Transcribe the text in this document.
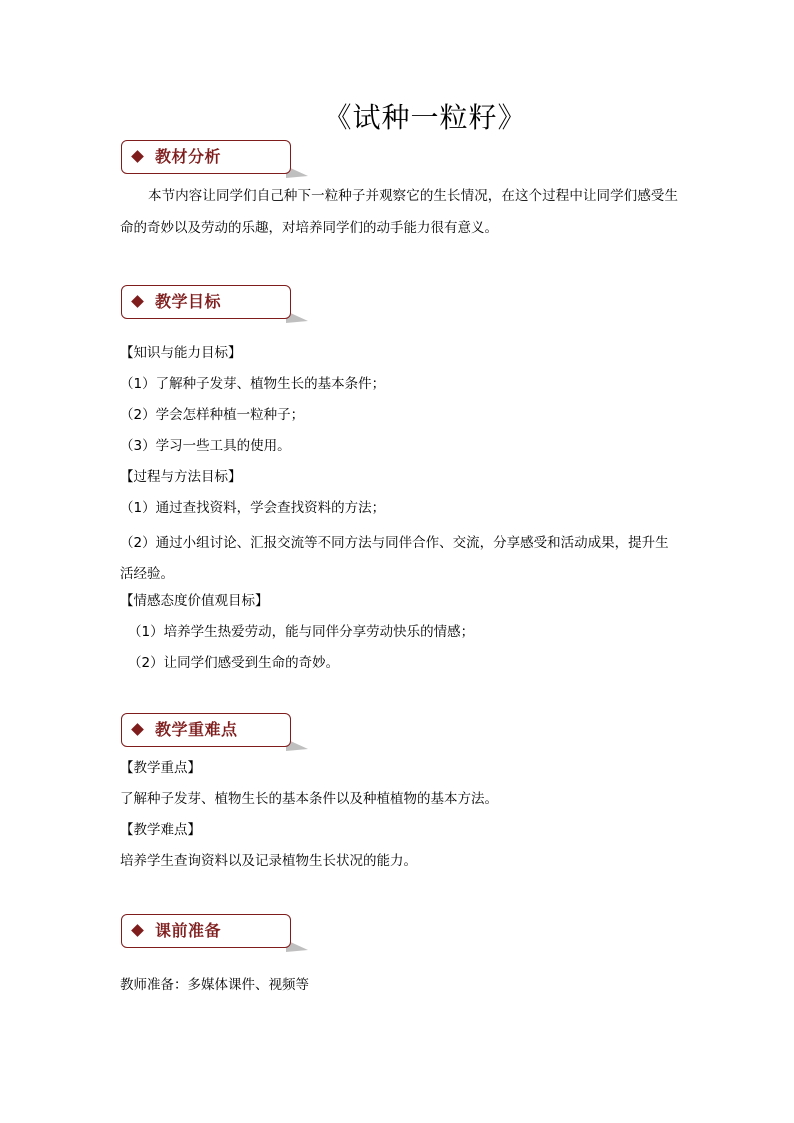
《试种一粒籽》
教材分析
本节内容让同学们自己种下一粒种子并观察它的生长情况，在这个过程中让同学们感受生命的奇妙以及劳动的乐趣，对培养同学们的动手能力很有意义。
教学目标
【知识与能力目标】
（1）了解种子发芽、植物生长的基本条件；
（2）学会怎样种植一粒种子；
（3）学习一些工具的使用。
【过程与方法目标】
（1）通过查找资料，学会查找资料的方法；
（2）通过小组讨论、汇报交流等不同方法与同伴合作、交流，分享感受和活动成果，提升生活经验。
【情感态度价值观目标】
（1）培养学生热爱劳动，能与同伴分享劳动快乐的情感；
（2）让同学们感受到生命的奇妙。
教学重难点
【教学重点】
了解种子发芽、植物生长的基本条件以及种植植物的基本方法。
【教学难点】
培养学生查询资料以及记录植物生长状况的能力。
课前准备
教师准备：多媒体课件、视频等
